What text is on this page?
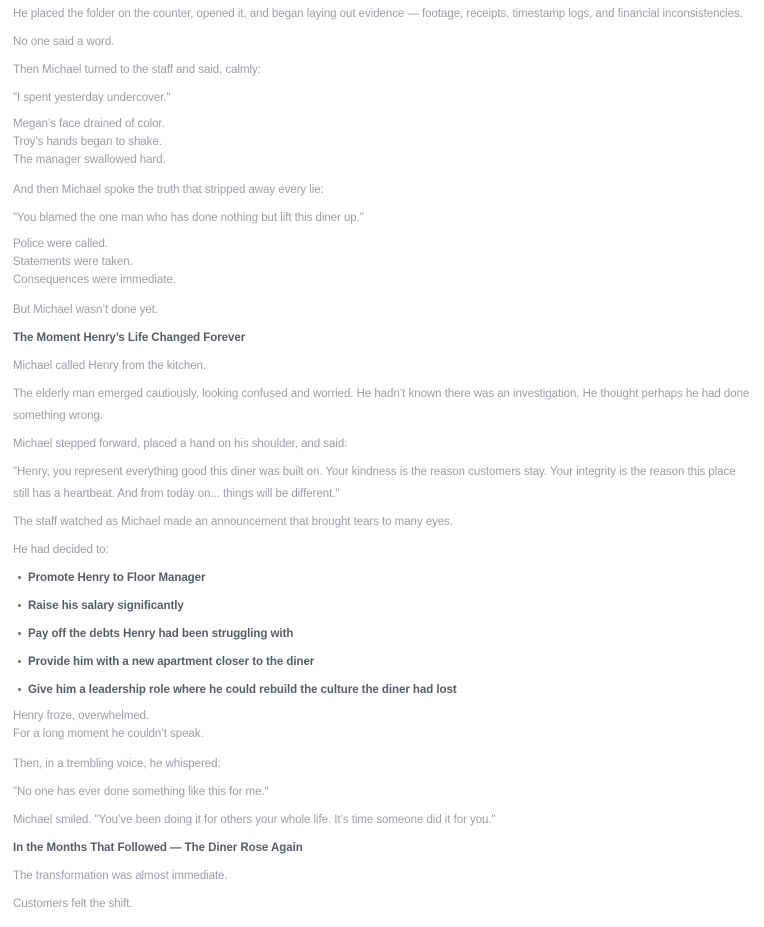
He placed the folder on the counter, opened it, and began laying out evidence — footage, receipts, timestamp logs, and financial inconsistencies.
No one said a word.
Then Michael turned to the staff and said, calmly:
"I spent yesterday undercover."
Megan’s face drained of color.
Troy’s hands began to shake.
The manager swallowed hard.
And then Michael spoke the truth that stripped away every lie:
"You blamed the one man who has done nothing but lift this diner up."
Police were called.
Statements were taken.
Consequences were immediate.
But Michael wasn’t done yet.
The Moment Henry’s Life Changed Forever
Michael called Henry from the kitchen.
The elderly man emerged cautiously, looking confused and worried. He hadn’t known there was an investigation. He thought perhaps he had done something wrong.
Michael stepped forward, placed a hand on his shoulder, and said:
"Henry, you represent everything good this diner was built on. Your kindness is the reason customers stay. Your integrity is the reason this place still has a heartbeat. And from today on... things will be different."
The staff watched as Michael made an announcement that brought tears to many eyes.
He had decided to:
Promote Henry to Floor Manager
Raise his salary significantly
Pay off the debts Henry had been struggling with
Provide him with a new apartment closer to the diner
Give him a leadership role where he could rebuild the culture the diner had lost
Henry froze, overwhelmed.
For a long moment he couldn’t speak.
Then, in a trembling voice, he whispered:
"No one has ever done something like this for me."
Michael smiled. "You’ve been doing it for others your whole life. It’s time someone did it for you."
In the Months That Followed — The Diner Rose Again
The transformation was almost immediate.
Customers felt the shift.
